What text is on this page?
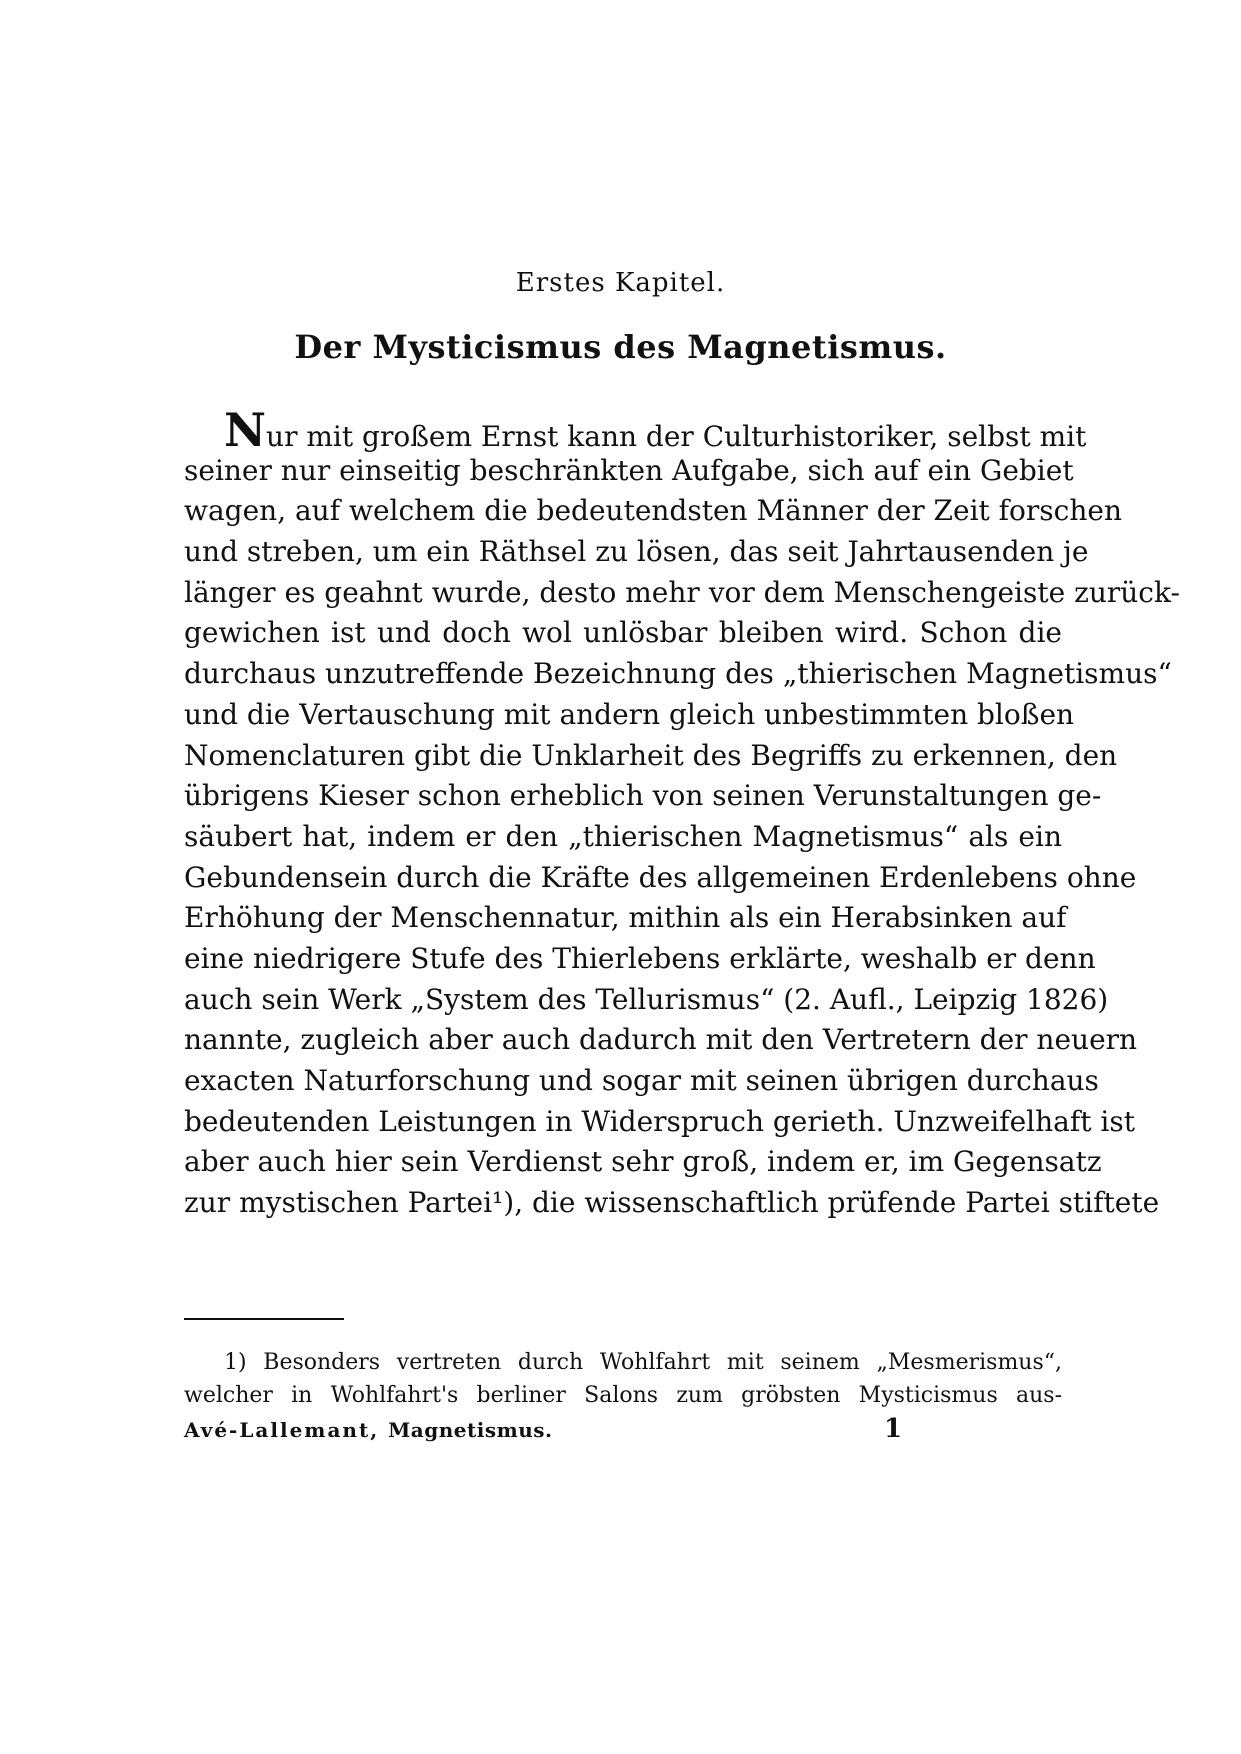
Erstes Kapitel.
Der Mysticismus des Magnetismus.
Nur mit großem Ernst kann der Culturhistoriker, selbst mit
seiner nur einseitig beschränkten Aufgabe, sich auf ein Gebiet
wagen, auf welchem die bedeutendsten Männer der Zeit forschen
und streben, um ein Räthsel zu lösen, das seit Jahrtausenden je
länger es geahnt wurde, desto mehr vor dem Menschengeiste zurück-
gewichen ist und doch wol unlösbar bleiben wird. Schon die
durchaus unzutreffende Bezeichnung des „thierischen Magnetismus“
und die Vertauschung mit andern gleich unbestimmten bloßen
Nomenclaturen gibt die Unklarheit des Begriffs zu erkennen, den
übrigens Kieser schon erheblich von seinen Verunstaltungen ge-
säubert hat, indem er den „thierischen Magnetismus“ als ein
Gebundensein durch die Kräfte des allgemeinen Erdenlebens ohne
Erhöhung der Menschennatur, mithin als ein Herabsinken auf
eine niedrigere Stufe des Thierlebens erklärte, weshalb er denn
auch sein Werk „System des Tellurismus“ (2. Aufl., Leipzig 1826)
nannte, zugleich aber auch dadurch mit den Vertretern der neuern
exacten Naturforschung und sogar mit seinen übrigen durchaus
bedeutenden Leistungen in Widerspruch gerieth. Unzweifelhaft ist
aber auch hier sein Verdienst sehr groß, indem er, im Gegensatz
zur mystischen Partei¹), die wissenschaftlich prüfende Partei stiftete
1) Besonders vertreten durch Wohlfahrt mit seinem „Mesmerismus“,
welcher in Wohlfahrt's berliner Salons zum gröbsten Mysticismus aus-
Avé-Lallemant, Magnetismus.	1
